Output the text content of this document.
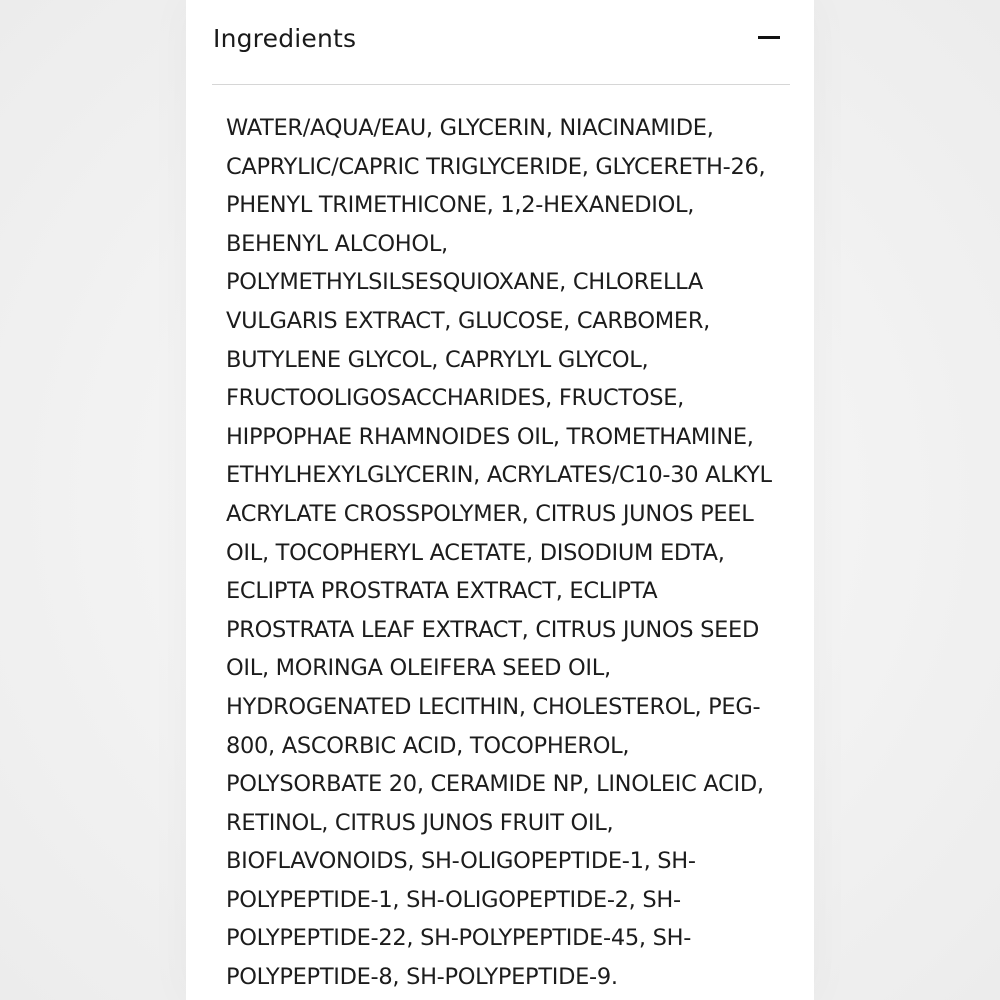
Ingredients
WATER/AQUA/EAU, GLYCERIN, NIACINAMIDE,
CAPRYLIC/CAPRIC TRIGLYCERIDE, GLYCERETH-26,
PHENYL TRIMETHICONE, 1,2-HEXANEDIOL,
BEHENYL ALCOHOL,
POLYMETHYLSILSESQUIOXANE, CHLORELLA
VULGARIS EXTRACT, GLUCOSE, CARBOMER,
BUTYLENE GLYCOL, CAPRYLYL GLYCOL,
FRUCTOOLIGOSACCHARIDES, FRUCTOSE,
HIPPOPHAE RHAMNOIDES OIL, TROMETHAMINE,
ETHYLHEXYLGLYCERIN, ACRYLATES/C10-30 ALKYL
ACRYLATE CROSSPOLYMER, CITRUS JUNOS PEEL
OIL, TOCOPHERYL ACETATE, DISODIUM EDTA,
ECLIPTA PROSTRATA EXTRACT, ECLIPTA
PROSTRATA LEAF EXTRACT, CITRUS JUNOS SEED
OIL, MORINGA OLEIFERA SEED OIL,
HYDROGENATED LECITHIN, CHOLESTEROL, PEG-
800, ASCORBIC ACID, TOCOPHEROL,
POLYSORBATE 20, CERAMIDE NP, LINOLEIC ACID,
RETINOL, CITRUS JUNOS FRUIT OIL,
BIOFLAVONOIDS, SH-OLIGOPEPTIDE-1, SH-
POLYPEPTIDE-1, SH-OLIGOPEPTIDE-2, SH-
POLYPEPTIDE-22, SH-POLYPEPTIDE-45, SH-
POLYPEPTIDE-8, SH-POLYPEPTIDE-9.
